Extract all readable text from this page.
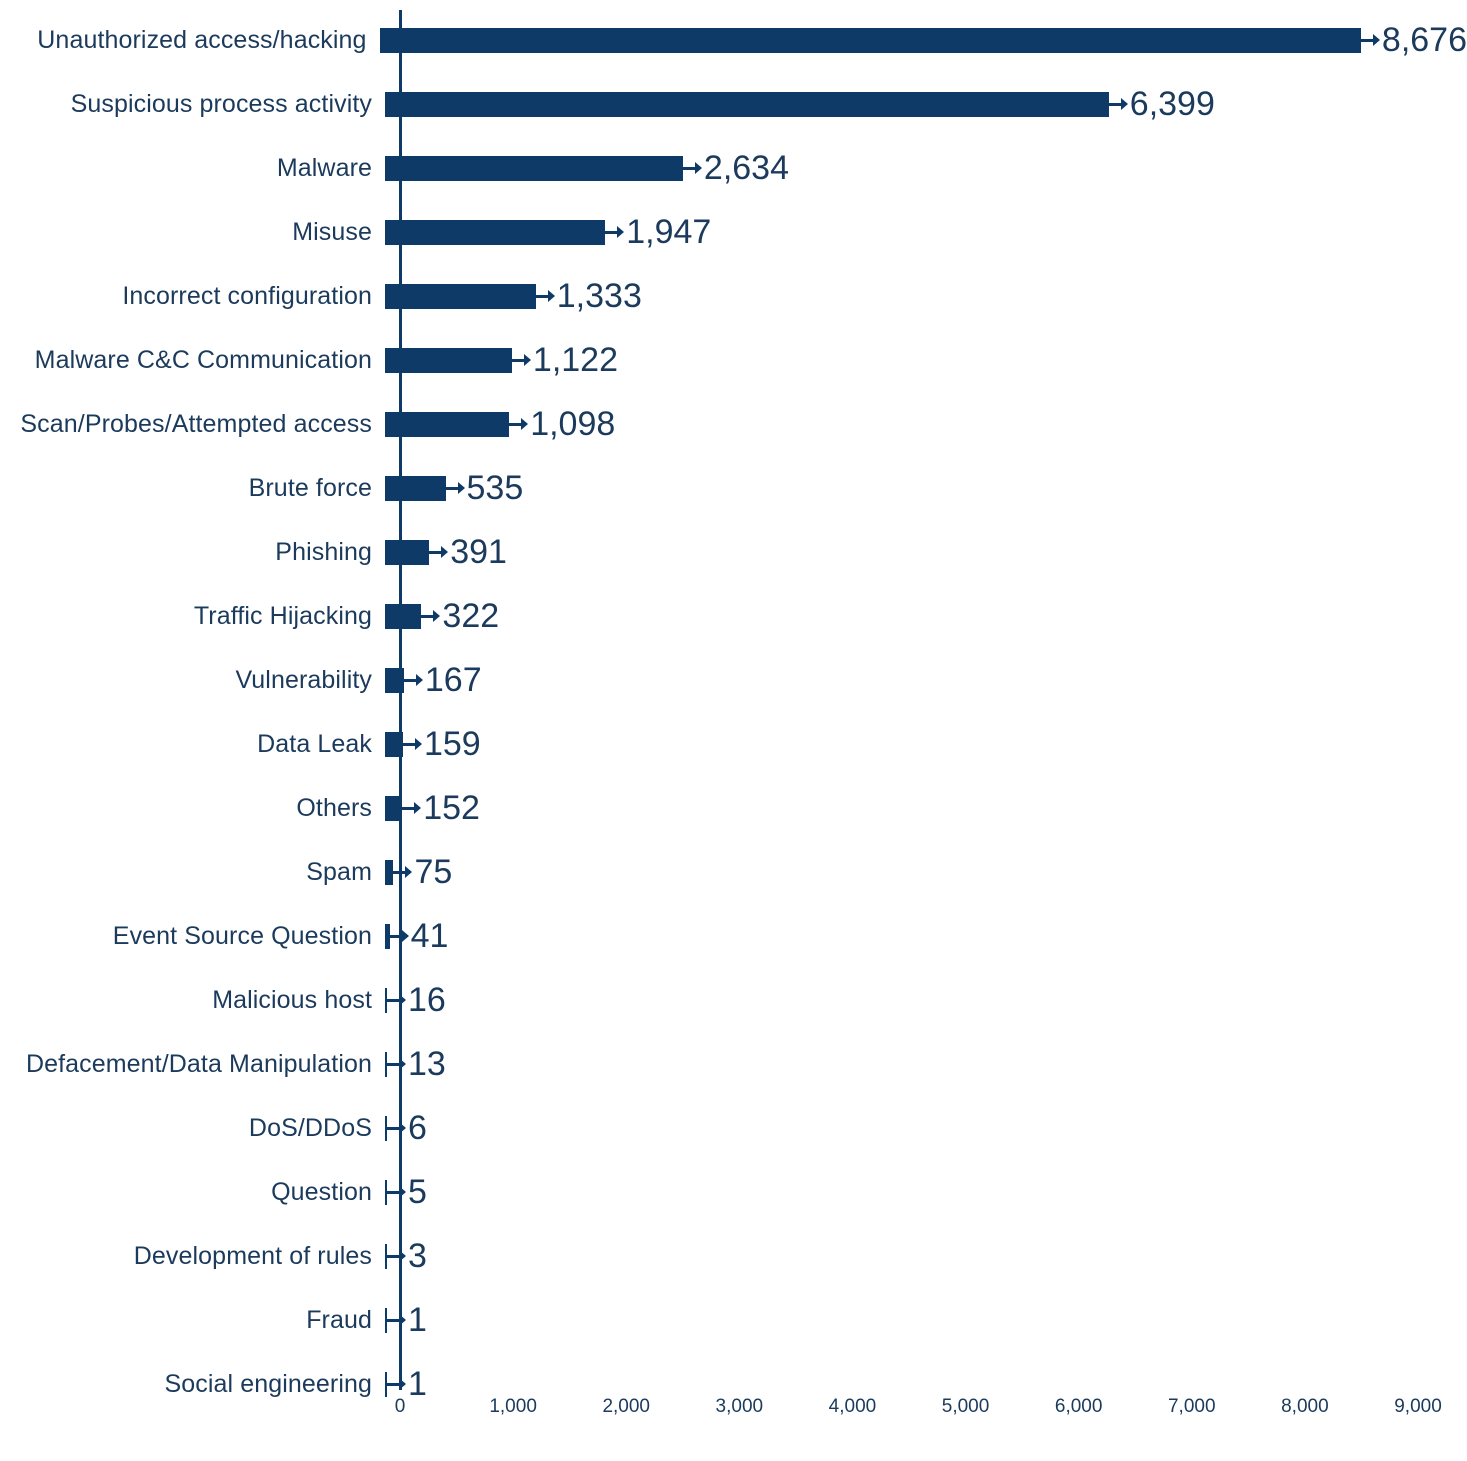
Unauthorized access/hacking	8,676
Suspicious process activity	6,399
Malware	2,634
Misuse	1,947
Incorrect configuration	1,333
Malware C&C Communication	1,122
Scan/Probes/Attempted access	1,098
Brute force	535
Phishing	391
Traffic Hijacking	322
Vulnerability	167
Data Leak	159
Others	152
Spam	75
Event Source Question	41
Malicious host	16
Defacement/Data Manipulation	13
DoS/DDoS	6
Question	5
Development of rules	3
Fraud	1
Social engineering	1
0	1,000	2,000	3,000	4,000	5,000	6,000	7,000	8,000	9,000
